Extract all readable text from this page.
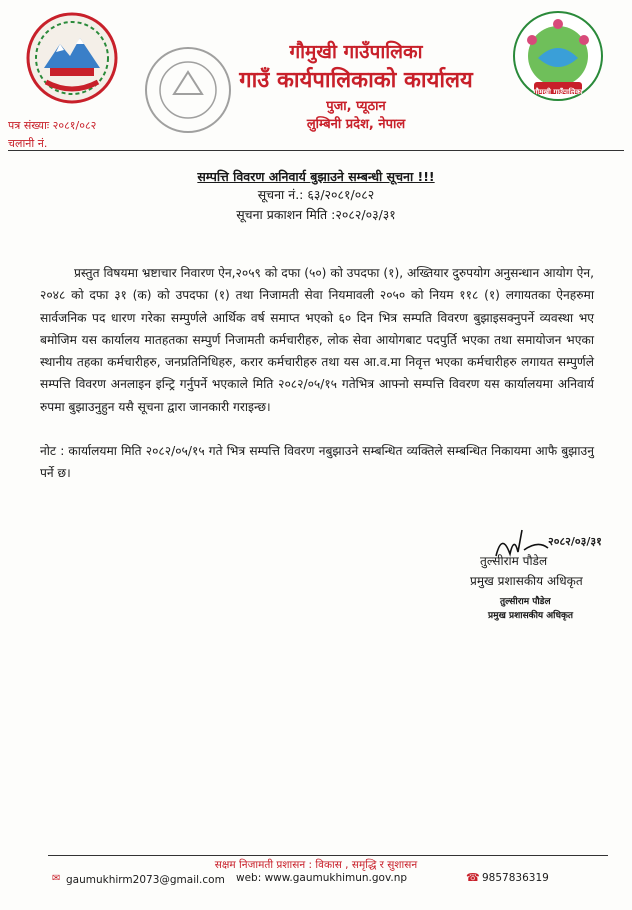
गौमुखी गाउँपालिका
गौमुखी गाउँपालिका
गाउँ कार्यपालिकाको कार्यालय
पुजा, प्यूठान
लुम्बिनी प्रदेश, नेपाल
पत्र संख्याः २०८१/०८२
चलानी नं.
सम्पत्ति विवरण अनिवार्य बुझाउने सम्बन्धी सूचना !!!
सूचना नं.: ६३/२०८१/०८२
सूचना प्रकाशन मिति :२०८२/०३/३१

प्रस्तुत विषयमा भ्रष्टाचार निवारण ऐन,२०५९ को दफा (५०) को उपदफा (१), अख्तियार दुरुपयोग अनुसन्धान आयोग ऐन, २०४८ को दफा ३१ (क) को उपदफा (१) तथा निजामती सेवा नियमावली २०५० को नियम ११८ (१) लगायतका ऐनहरुमा सार्वजनिक पद धारण गरेका सम्पुर्णले आर्थिक वर्ष समाप्त भएको ६० दिन भित्र सम्पति विवरण बुझाइसक्नुपर्ने व्यवस्था भए बमोजिम यस कार्यालय मातहतका सम्पुर्ण निजामती कर्मचारीहरु, लोक सेवा आयोगबाट पदपुर्ति भएका तथा समायोजन भएका स्थानीय तहका कर्मचारीहरु, जनप्रतिनिधिहरु, करार कर्मचारीहरु तथा यस आ.व.मा निवृत्त भएका कर्मचारीहरु लगायत सम्पुर्णले सम्पत्ति विवरण अनलाइन इन्ट्रि गर्नुपर्ने भएकाले मिति २०८२/०५/१५ गतेभित्र आफ्नो सम्पत्ति विवरण यस कार्यालयमा अनिवार्य रुपमा बुझाउनुहुन यसै सूचना द्वारा जानकारी गराइन्छ।

नोट : कार्यालयमा मिति २०८२/०५/१५ गते भित्र सम्पत्ति विवरण नबुझाउने सम्बन्धित व्यक्तिले सम्बन्धित निकायमा आफै बुझाउनु पर्ने छ।
२०८२/०३/३१
तुल्सीराम पौडेल
प्रमुख प्रशासकीय अधिकृत
तुल्सीराम पौडेल
प्रमुख प्रशासकीय अधिकृत
सक्षम निजामती प्रशासन : विकास , समृद्धि र सुशासन
✉ gaumukhirm2073@gmail.com web: www.gaumukhimun.gov.np	☎ 9857836319
